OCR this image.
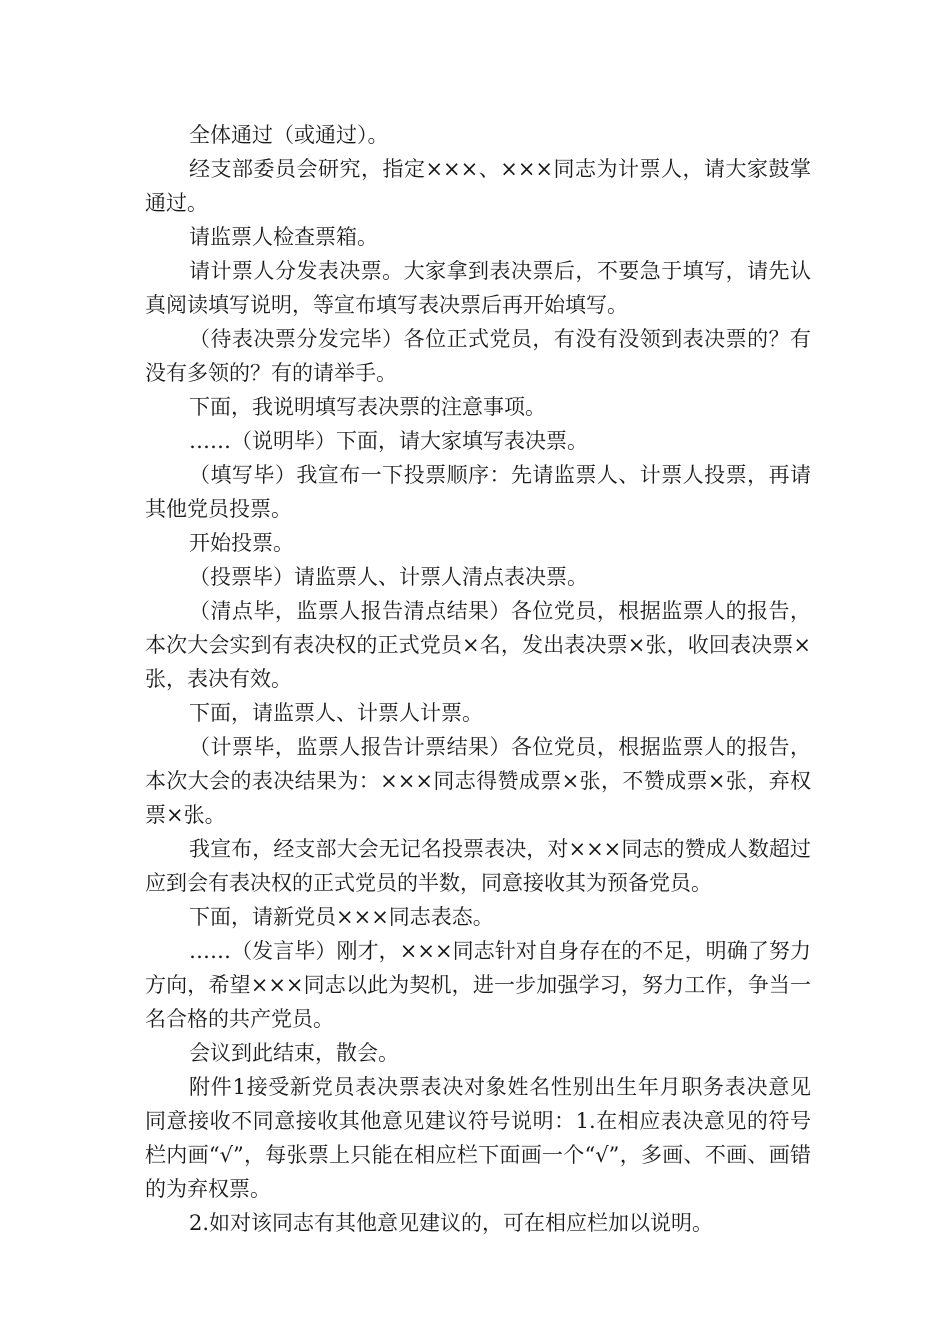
全体通过（或通过）。

经支部委员会研究，指定×××、×××同志为计票人，请大家鼓掌通过。

请监票人检查票箱。

请计票人分发表决票。大家拿到表决票后，不要急于填写，请先认真阅读填写说明，等宣布填写表决票后再开始填写。

（待表决票分发完毕）各位正式党员，有没有没领到表决票的？有没有多领的？有的请举手。

下面，我说明填写表决票的注意事项。

……（说明毕）下面，请大家填写表决票。

（填写毕）我宣布一下投票顺序：先请监票人、计票人投票，再请其他党员投票。

开始投票。

（投票毕）请监票人、计票人清点表决票。

（清点毕，监票人报告清点结果）各位党员，根据监票人的报告，本次大会实到有表决权的正式党员×名，发出表决票×张，收回表决票×张，表决有效。

下面，请监票人、计票人计票。

（计票毕，监票人报告计票结果）各位党员，根据监票人的报告，本次大会的表决结果为：×××同志得赞成票×张，不赞成票×张，弃权票×张。

我宣布，经支部大会无记名投票表决，对×××同志的赞成人数超过应到会有表决权的正式党员的半数，同意接收其为预备党员。

下面，请新党员×××同志表态。

……（发言毕）刚才，×××同志针对自身存在的不足，明确了努力方向，希望×××同志以此为契机，进一步加强学习，努力工作，争当一名合格的共产党员。

会议到此结束，散会。

附件1接受新党员表决票表决对象姓名性别出生年月职务表决意见同意接收不同意接收其他意见建议符号说明：1.在相应表决意见的符号栏内画“√”，每张票上只能在相应栏下面画一个“√”，多画、不画、画错的为弃权票。

2.如对该同志有其他意见建议的，可在相应栏加以说明。
